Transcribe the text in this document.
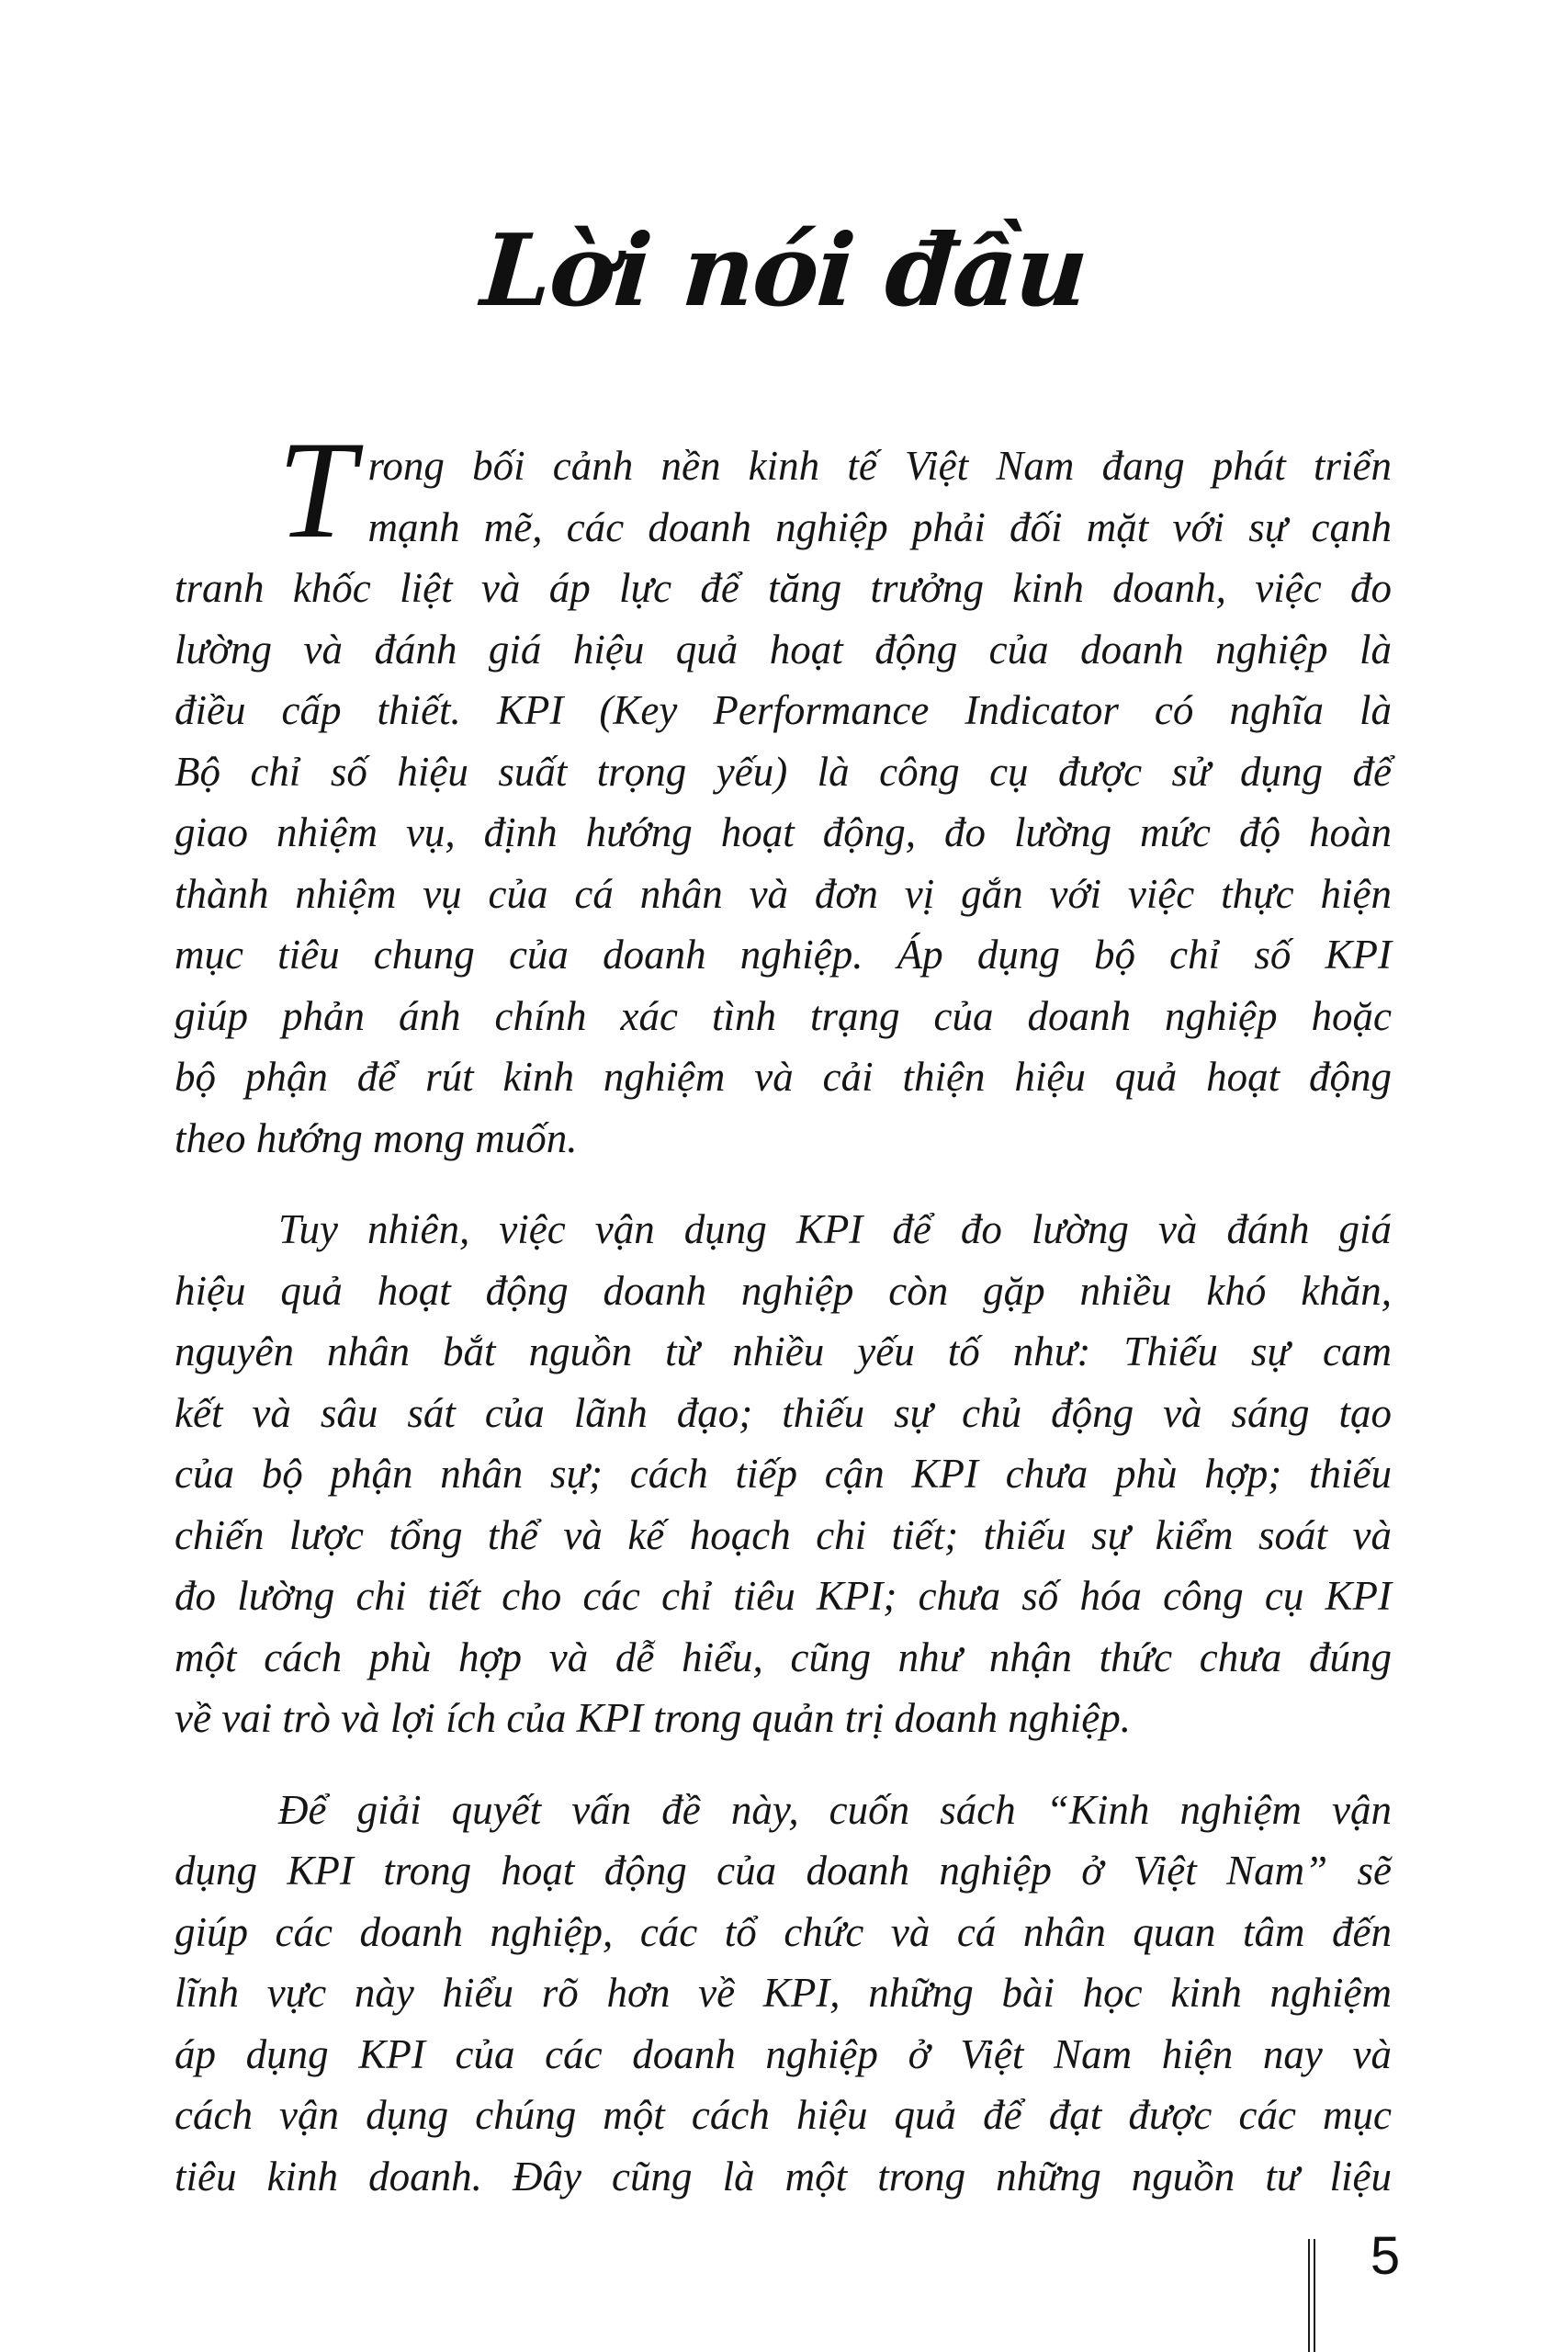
Lời nói đầu
T rong bối cảnh nền kinh tế Việt Nam đang phát triển
mạnh mẽ, các doanh nghiệp phải đối mặt với sự cạnh
tranh khốc liệt và áp lực để tăng trưởng kinh doanh, việc đo
lường và đánh giá hiệu quả hoạt động của doanh nghiệp là
điều cấp thiết. KPI (Key Performance Indicator có nghĩa là
Bộ chỉ số hiệu suất trọng yếu) là công cụ được sử dụng để
giao nhiệm vụ, định hướng hoạt động, đo lường mức độ hoàn
thành nhiệm vụ của cá nhân và đơn vị gắn với việc thực hiện
mục tiêu chung của doanh nghiệp. Áp dụng bộ chỉ số KPI
giúp phản ánh chính xác tình trạng của doanh nghiệp hoặc
bộ phận để rút kinh nghiệm và cải thiện hiệu quả hoạt động
theo hướng mong muốn.
Tuy nhiên, việc vận dụng KPI để đo lường và đánh giá
hiệu quả hoạt động doanh nghiệp còn gặp nhiều khó khăn,
nguyên nhân bắt nguồn từ nhiều yếu tố như: Thiếu sự cam
kết và sâu sát của lãnh đạo; thiếu sự chủ động và sáng tạo
của bộ phận nhân sự; cách tiếp cận KPI chưa phù hợp; thiếu
chiến lược tổng thể và kế hoạch chi tiết; thiếu sự kiểm soát và
đo lường chi tiết cho các chỉ tiêu KPI; chưa số hóa công cụ KPI
một cách phù hợp và dễ hiểu, cũng như nhận thức chưa đúng
về vai trò và lợi ích của KPI trong quản trị doanh nghiệp.
Để giải quyết vấn đề này, cuốn sách “Kinh nghiệm vận
dụng KPI trong hoạt động của doanh nghiệp ở Việt Nam” sẽ
giúp các doanh nghiệp, các tổ chức và cá nhân quan tâm đến
lĩnh vực này hiểu rõ hơn về KPI, những bài học kinh nghiệm
áp dụng KPI của các doanh nghiệp ở Việt Nam hiện nay và
cách vận dụng chúng một cách hiệu quả để đạt được các mục
tiêu kinh doanh. Đây cũng là một trong những nguồn tư liệu
5
